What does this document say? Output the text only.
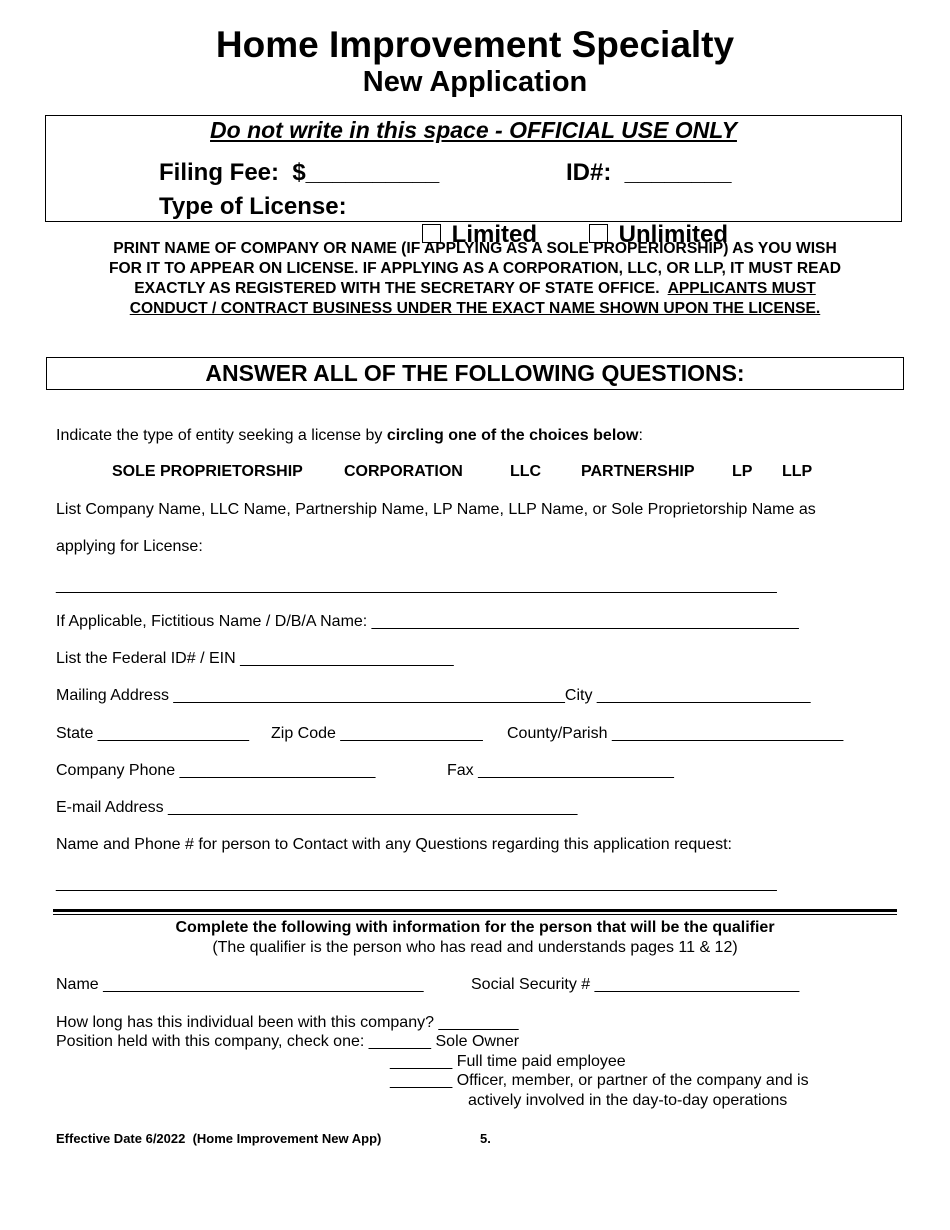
Home Improvement Specialty
New Application
Do not write in this space - OFFICIAL USE ONLY
Filing Fee:  $__________	ID#:  ________
Type of License:

Limited
	Unlimited

PRINT NAME OF COMPANY OR NAME (IF APPLYING AS A SOLE PROPERIORSHIP) AS YOU WISH
FOR IT TO APPEAR ON LICENSE. IF APPLYING AS A CORPORATION, LLC, OR LLP, IT MUST READ
EXACTLY AS REGISTERED WITH THE SECRETARY OF STATE OFFICE.  APPLICANTS MUST
CONDUCT / CONTRACT BUSINESS UNDER THE EXACT NAME SHOWN UPON THE LICENSE.
ANSWER ALL OF THE FOLLOWING QUESTIONS:
Indicate the type of entity seeking a license by circling one of the choices below:
SOLE PROPRIETORSHIP	CORPORATION	LLC PARTNERSHIP LP LLP
List Company Name, LLC Name, Partnership Name, LP Name, LLP Name, or Sole Proprietorship Name as
applying for License:
_________________________________________________________________________________
If Applicable, Fictitious Name / D/B/A Name: ________________________________________________
List the Federal ID# / EIN ________________________
Mailing Address ____________________________________________City ________________________
State _________________ Zip Code ________________ County/Parish __________________________
Company Phone ______________________	Fax ______________________
E-mail Address ______________________________________________
Name and Phone # for person to Contact with any Questions regarding this application request:
_________________________________________________________________________________
Complete the following with information for the person that will be the qualifier
(The qualifier is the person who has read and understands pages 11 & 12)
Name ____________________________________	Social Security # _______________________
How long has this individual been with this company? _________
Position held with this company, check one: _______ Sole Owner
_______ Full time paid employee
_______ Officer, member, or partner of the company and is
actively involved in the day-to-day operations
Effective Date 6/2022  (Home Improvement New App)	5.
